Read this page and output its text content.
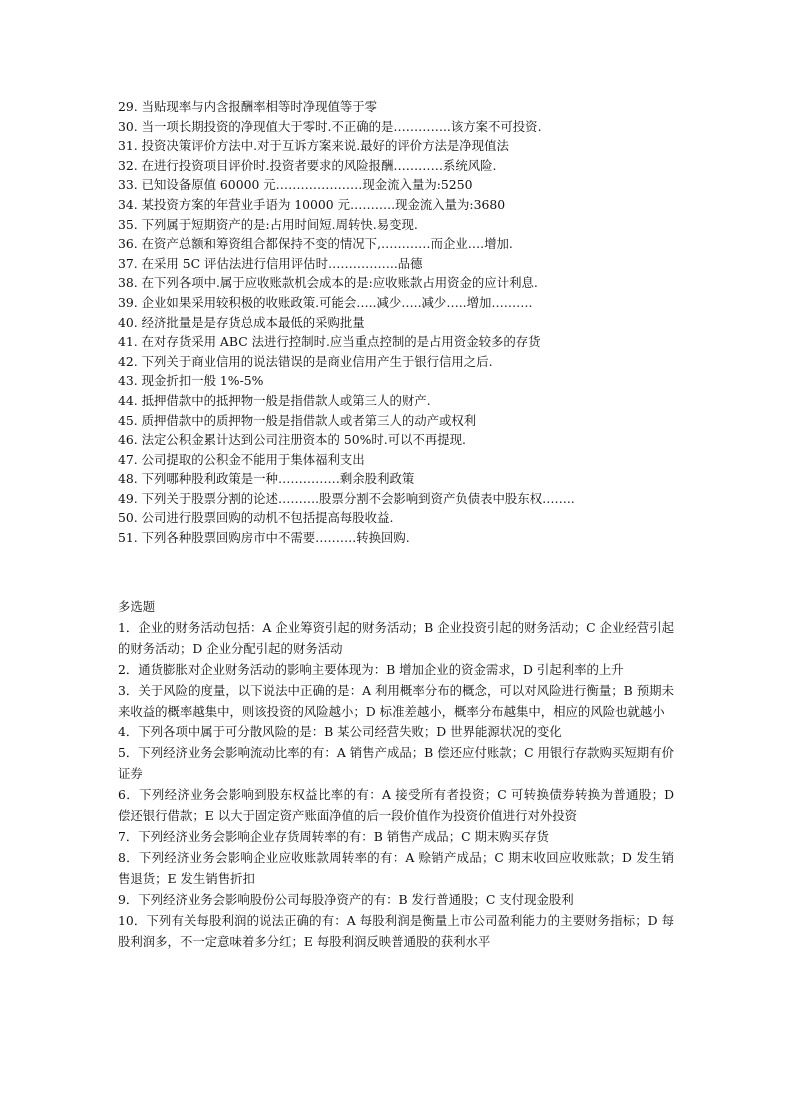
29. 当贴现率与内含报酬率相等时净现值等于零
30. 当一项长期投资的净现值大于零时.不正确的是…………..该方案不可投资.
31. 投资决策评价方法中.对于互诉方案来说.最好的评价方法是净现值法
32. 在进行投资项目评价时.投资者要求的风险报酬…………系统风险.
33. 已知设备原值 60000 元…………………现金流入量为:5250
34. 某投资方案的年营业手语为 10000 元………..现金流入量为:3680
35. 下列属于短期资产的是:占用时间短.周转快.易变现.
36. 在资产总额和筹资组合都保持不变的情况下,…………而企业….增加.
37. 在采用 5C 评估法进行信用评估时……………..品德
38. 在下列各项中.属于应收账款机会成本的是:应收账款占用资金的应计利息.
39. 企业如果采用较积极的收账政策.可能会…..减少…..减少…..增加……….
40. 经济批量是是存货总成本最低的采购批量
41. 在对存货采用 ABC 法进行控制时.应当重点控制的是占用资金较多的存货
42. 下列关于商业信用的说法错误的是商业信用产生于银行信用之后.
43. 现金折扣一般 1%-5%
44. 抵押借款中的抵押物一般是指借款人或第三人的财产.
45. 质押借款中的质押物一般是指借款人或者第三人的动产或权利
46. 法定公积金累计达到公司注册资本的 50%时.可以不再提现.
47. 公司提取的公积金不能用于集体福利支出
48. 下列哪种股利政策是一种……………剩余股利政策
49. 下列关于股票分割的论述……….股票分割不会影响到资产负债表中股东权……..
50. 公司进行股票回购的动机不包括提高每股收益.
51. 下列各种股票回购房市中不需要……….转换回购.
多选题
1．企业的财务活动包括：A 企业筹资引起的财务活动；B 企业投资引起的财务活动；C 企业经营引起的财务活动；D 企业分配引起的财务活动
2．通货膨胀对企业财务活动的影响主要体现为：B 增加企业的资金需求，D 引起利率的上升
3．关于风险的度量，以下说法中正确的是：A 利用概率分布的概念，可以对风险进行衡量；B 预期未来收益的概率越集中，则该投资的风险越小；D 标准差越小，概率分布越集中，相应的风险也就越小
4．下列各项中属于可分散风险的是：B 某公司经营失败；D 世界能源状况的变化
5．下列经济业务会影响流动比率的有：A 销售产成品；B 偿还应付账款；C 用银行存款购买短期有价证券
6．下列经济业务会影响到股东权益比率的有：A 接受所有者投资；C 可转换债券转换为普通股；D 偿还银行借款；E 以大于固定资产账面净值的后一段价值作为投资价值进行对外投资
7．下列经济业务会影响企业存货周转率的有：B 销售产成品；C 期末购买存货
8．下列经济业务会影响企业应收账款周转率的有：A 赊销产成品；C 期末收回应收账款；D 发生销售退货；E 发生销售折扣
9．下列经济业务会影响股份公司每股净资产的有：B 发行普通股；C 支付现金股利
10．下列有关每股利润的说法正确的有：A 每股利润是衡量上市公司盈利能力的主要财务指标；D 每股利润多，不一定意味着多分红；E 每股利润反映普通股的获利水平
